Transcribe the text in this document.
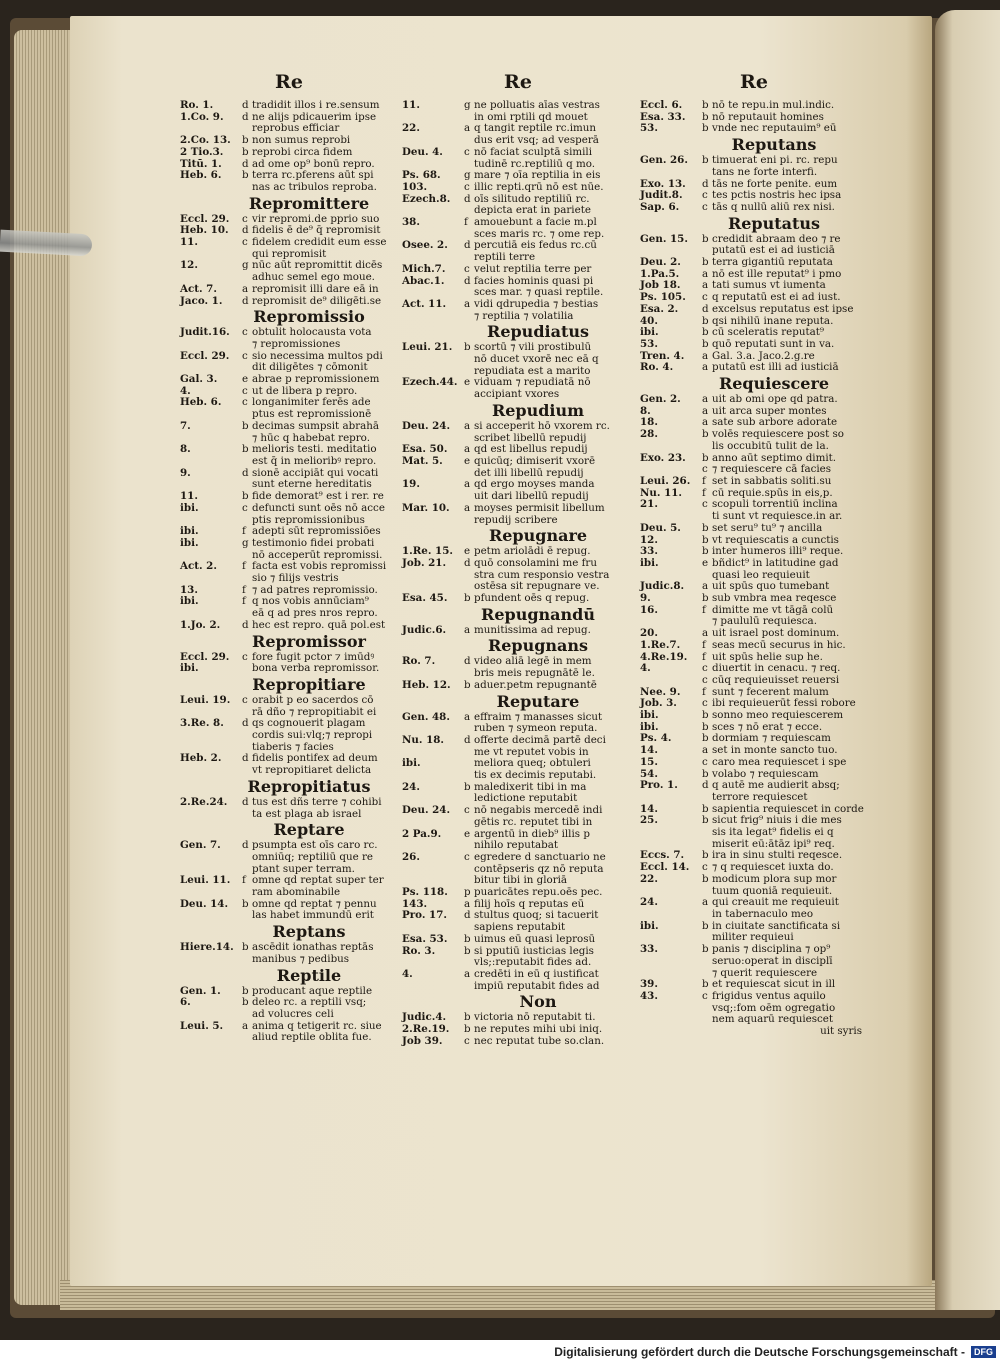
Re
Ro. 1.	d tradidit illos i re.sensum
1.Co. 9.	d ne alijs pdicauerim ipse
reprobus efficiar
2.Co. 13.	b non sumus reprobi
2 Tio.3.	b reprobi circa fidem
Titū. 1.	d ad ome op⁹ bonū repro.
Heb. 6.	b terra rc.pferens aūt spi
nas ac tribulos reproba.
Repromittere
Eccl. 29.	c vir repromi.de pprio suo
Heb. 10.	d fidelis ē de⁹ q̄ repromisit
11.	c fidelem credidit eum esse
qui repromisit
12.	g nūc aūt repromittit dicēs
adhuc semel ego moue.
Act. 7.	a repromisit illi dare eā in
Jaco. 1.	d repromisit de⁹ diligēti.se
Repromissio
Judit.16.	c obtulit holocausta vota
⁊ repromissiones
Eccl. 29.	c sio necessima multos pdi
dit diligētes ⁊ cōmonit
Gal. 3.	e abrae p repromissionem
4.	c ut de libera p repro.
Heb. 6.	c longanimiter ferēs ade
ptus est repromissionē
7.	b decimas sumpsit abrahā
⁊ hūc q habebat repro.
8.	b melioris testi. meditatio
est q̄ in melioribꝰ repro.
9.	d sionē accipiāt qui vocati
sunt eterne hereditatis
11.	b fide demorat⁹ est i rer. re
ibi.	c defuncti sunt oēs nō acce
ptis repromissionibus
ibi.	f adepti sūt repromissiōes
ibi.	g testimonio fidei probati
nō acceperūt repromissi.
Act. 2.	f facta est vobis repromissi
sio ⁊ filijs vestris
13.	f ⁊ ad patres repromissio.
ibi.	f q nos vobis annūciam⁹
eā q ad pres nros repro.
1.Jo. 2.	d hec est repro. quā pol.est
Repromissor
Eccl. 29.	c fore fugit pctor ⁊ imūdꝰ
ibi.	bona verba repromissor.
Repropitiare
Leui. 19.	c orabit p eo sacerdos cō
rā dño ⁊ repropitiabit ei
3.Re. 8.	d qs cognouerit plagam
cordis sui:vlq;⁊ repropi
tiaberis ⁊ facies
Heb. 2.	d fidelis pontifex ad deum
vt repropitiaret delicta
Repropitiatus
2.Re.24.	d tus est dñs terre ⁊ cohibi
ta est plaga ab israel
Reptare
Gen. 7.	d psumpta est oīs caro rc.
omniūq; reptiliū que re
ptant super terram.
Leui. 11.	f omne qd reptat super ter
ram abominabile
Deu. 14.	b omne qd reptat ⁊ pennu
las habet immundū erit
Reptans
Hiere.14. b ascēdit ionathas reptās
manibus ⁊ pedibus
Reptile
Gen. 1.	b producant aque reptile
6.	b deleo rc. a reptili vsq;
ad volucres celi
Leui. 5.	a anima q tetigerit rc. siue
aliud reptile oblita fue.
Re
11.	g ne polluatis aīas vestras
in omi rptili qd mouet
22.	a q tangit reptile rc.imun
dus erit vsq; ad vesperā
Deu. 4.	c nō faciat sculptā simili
tudinē rc.reptiliū q mo.
Ps. 68.	g mare ⁊ oīa reptilia in eis
103.	c illic repti.qrū nō est nūe.
Ezech.8.	d oīs silitudo reptiliū rc.
depicta erat in pariete
38.	f amouebunt a facie m.pl
sces maris rc. ⁊ ome rep.
Osee. 2.	d percutiā eis fedus rc.cū
reptili terre
Mich.7.	c velut reptilia terre per
Abac.1.	d facies hominis quasi pi
sces mar. ⁊ quasi reptile.
Act. 11.	a vidi qdrupedia ⁊ bestias
⁊ reptilia ⁊ volatilia
Repudiatus
Leui. 21.	b scortū ⁊ vili prostibulū
nō ducet vxorē nec eā q
repudiata est a marito
Ezech.44. e viduam ⁊ repudiatā nō
accipiant vxores
Repudium
Deu. 24.	a si acceperit hō vxorem rc.
scribet libellū repudij
Esa. 50.	a qd est libellus repudij
Mat. 5.	e quicūq; dimiserit vxorē
det illi libellū repudij
19.	a qd ergo moyses manda
uit dari libellū repudij
Mar. 10.	a moyses permisit libellum
repudij scribere
Repugnare
1.Re. 15.	e petm ariolādi ē repug.
Job. 21.	d quō consolamini me fru
stra cum responsio vestra
ostēsa sit repugnare ve.
Esa. 45.	b pfundent oēs q repug.
Repugnandū
Judic.6.	a munitissima ad repug.
Repugnans
Ro. 7.	d video aliā legē in mem
bris meis repugnātē le.
Heb. 12.	b aduer.petm repugnantē
Reputare
Gen. 48.	a effraim ⁊ manasses sicut
ruben ⁊ symeon reputa.
Nu. 18.	d offerte decimā partē deci
me vt reputet vobis in
ibi.	meliora queq; obtuleri
tis ex decimis reputabi.
24.	b maledixerit tibi in ma
ledictione reputabit
Deu. 24.	c nō negabis mercedē indi
gētis rc. reputet tibi in
2 Pa.9.	e argentū in dieb⁹ illis p
nihilo reputabat
26.	c egredere d sanctuario ne
contēpseris qz nō reputa
bitur tibi in gloriā
Ps. 118.	p puaricātes repu.oēs pec.
143.	a filij hoīs q reputas eū
Pro. 17.	d stultus quoq; si tacuerit
sapiens reputabit
Esa. 53.	b uimus eū quasi leprosū
Ro. 3.	b si pputiū iusticias legis
vls;:reputabit fides ad.
4.	a credēti in eū q iustificat
impiū reputabit fides ad
Non
Judic.4.	b victoria nō reputabit ti.
2.Re.19.	b ne reputes mihi ubi iniq.
Job 39.	c nec reputat tube so.clan.
Re
Eccl. 6.	b nō te repu.in mul.indic.
Esa. 33.	b nō reputauit homines
53.	b vnde nec reputauim⁹ eū
Reputans
Gen. 26.	b timuerat eni pi. rc. repu
tans ne forte interfi.
Exo. 13.	d tās ne forte penite. eum
Judit.8.	c tes pctis nostris hec ipsa
Sap. 6.	c tās q nullū aliū rex nisi.
Reputatus
Gen. 15.	b credidit abraam deo ⁊ re
putatū est ei ad iusticiā
Deu. 2.	b terra gigantiū reputata
1.Pa.5.	a nō est ille reputat⁹ i pmo
Job 18.	a tati sumus vt iumenta
Ps. 105.	c q reputatū est ei ad iust.
Esa. 2.	d excelsus reputatus est ipse
40.	b qsi nihilū inane reputa.
ibi.	b cū sceleratis reputat⁹
53.	b quō reputati sunt in va.
Tren. 4.	a Gal. 3.a. Jaco.2.g.re
Ro. 4.	a putatū est illi ad iusticiā
Requiescere
Gen. 2.	a uit ab omi ope qd patra.
8.	a uit arca super montes
18.	a sate sub arbore adorate
28.	b volēs requiescere post so
lis occubitū tulit de la.
Exo. 23.	b anno aūt septimo dimit.
c ⁊ requiescere cā facies
Leui. 26.	f set in sabbatis soliti.su
Nu. 11.	f cū requie.spūs in eis,p.
21.	c scopuli torrentiū inclina
ti sunt vt requiesce.in ar.
Deu. 5.	b set seru⁹ tu⁹ ⁊ ancilla
12.	b vt requiescatis a cunctis
33.	b inter humeros illi⁹ reque.
ibi.	e bñdict⁹ in latitudine gad
quasi leo requieuit
Judic.8.	a uit spūs quo tumebant
9.	b sub vmbra mea reqesce
16.	f dimitte me vt tāgā colū
⁊ paululū requiesca.
20.	a uit israel post dominum.
1.Re.7.	f seas mecū securus in hic.
4.Re.19.	f uit spūs helie sup he.
4.	c diuertit in cenacu. ⁊ req.
c cūq requieuisset reuersi
Nee. 9.	f sunt ⁊ fecerent malum
Job. 3.	c ibi requieuerūt fessi robore
ibi.	b sonno meo requiescerem
ibi.	b sces ⁊ nō erat ⁊ ecce.
Ps. 4.	b dormiam ⁊ requiescam
14.	a set in monte sancto tuo.
15.	c caro mea requiescet i spe
54.	b volabo ⁊ requiescam
Pro. 1.	d q autē me audierit absq;
terrore requiescet
14.	b sapientia requiescet in corde
25.	b sicut frig⁹ niuis i die mes
sis ita legat⁹ fidelis ei q
miserit eū:ātāz ipi⁹ req.
Eccs. 7.	b ira in sinu stulti reqesce.
Eccl. 14.	c ⁊ q requiescet iuxta do.
22.	b modicum plora sup mor
tuum quoniā requieuit.
24.	a qui creauit me requieuit
in tabernaculo meo
ibi.	b in ciuitate sanctificata si
militer requieui
33.	b panis ⁊ disciplina ⁊ op⁹
seruo:operat in disciplī
⁊ querit requiescere
39.	b et requiescat sicut in ill
43.	c frigidus ventus aquilo
vsq;:fom oēm ogregatio
nem aquarū requiescet
uit syris
Digitalisierung gefördert durch die Deutsche Forschungsgemeinschaft -	DFG
